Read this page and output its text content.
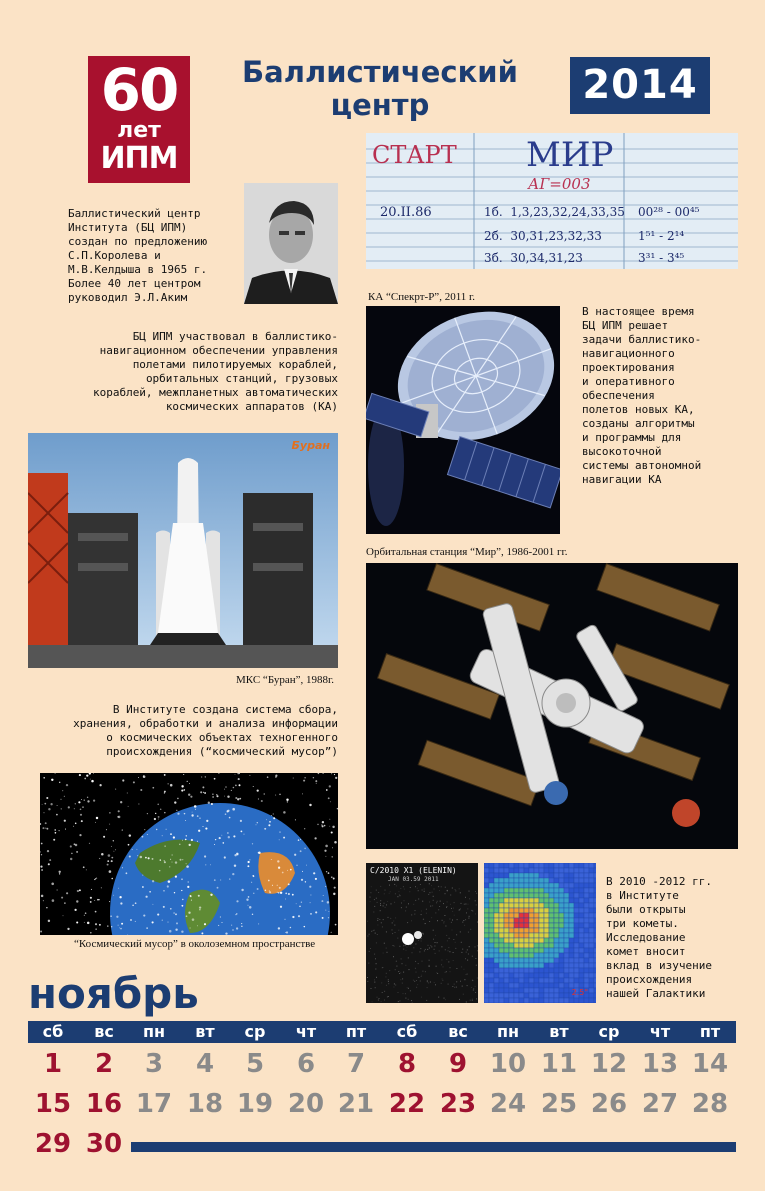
60
лет
ИПМ
Баллистический
центр	2014
Баллистический центр
Института (БЦ ИПМ)
создан по предложению
С.П.Королева и
М.В.Келдыша в 1965 г.
Более 40 лет центром
руководил Э.Л.Аким
БЦ ИПМ участвовал в баллистико-
навигационном обеспечении управления
полетами пилотируемых кораблей,
орбитальных станций, грузовых
кораблей, межпланетных автоматических
космических аппаратов (КА)
СТАРТ МИР
АГ=003
20.II.86	1б. 1,3,23,32,24,33,35 00²⁸ - 00⁴⁵
2б. 30,31,23,32,33	1⁵¹ - 2¹⁴
3б. 30,34,31,23	3³¹ - 3⁴⁵
КА “Спекрт-Р”, 2011 г.
В настоящее время
БЦ ИПМ решает
задачи баллистико-
навигационного
проектирования
и оперативного
обеспечения
полетов новых КА,
созданы алгоритмы
и программы для
высокоточной
системы автономной
навигации КА
Буран
Орбитальная станция “Мир”, 1986-2001 гг.
МКС “Буран”, 1988г.
В Институте создана система сбора,
хранения, обработки и анализа информации
о космических объектах техногенного
происхождения (“космический мусор”)
“Космический мусор” в околоземном пространстве
C/2010 X1 (ELENIN)
JAN 03.59 2011
2.5"
В 2010 -2012 гг.
в Институте
были открыты
три кометы.
Исследование
комет вносит
вклад в изучение
происхождения
нашей Галактики
ноябрь
сб	вс	пн	вт	ср	чт	пт	сб	вс	пн	вт	ср	чт	пт
1	2	3	4	5	6	7	8	9 10 11 12 13 14
15 16 17 18 19 20 21 22 23 24 25 26 27 28
29 30
